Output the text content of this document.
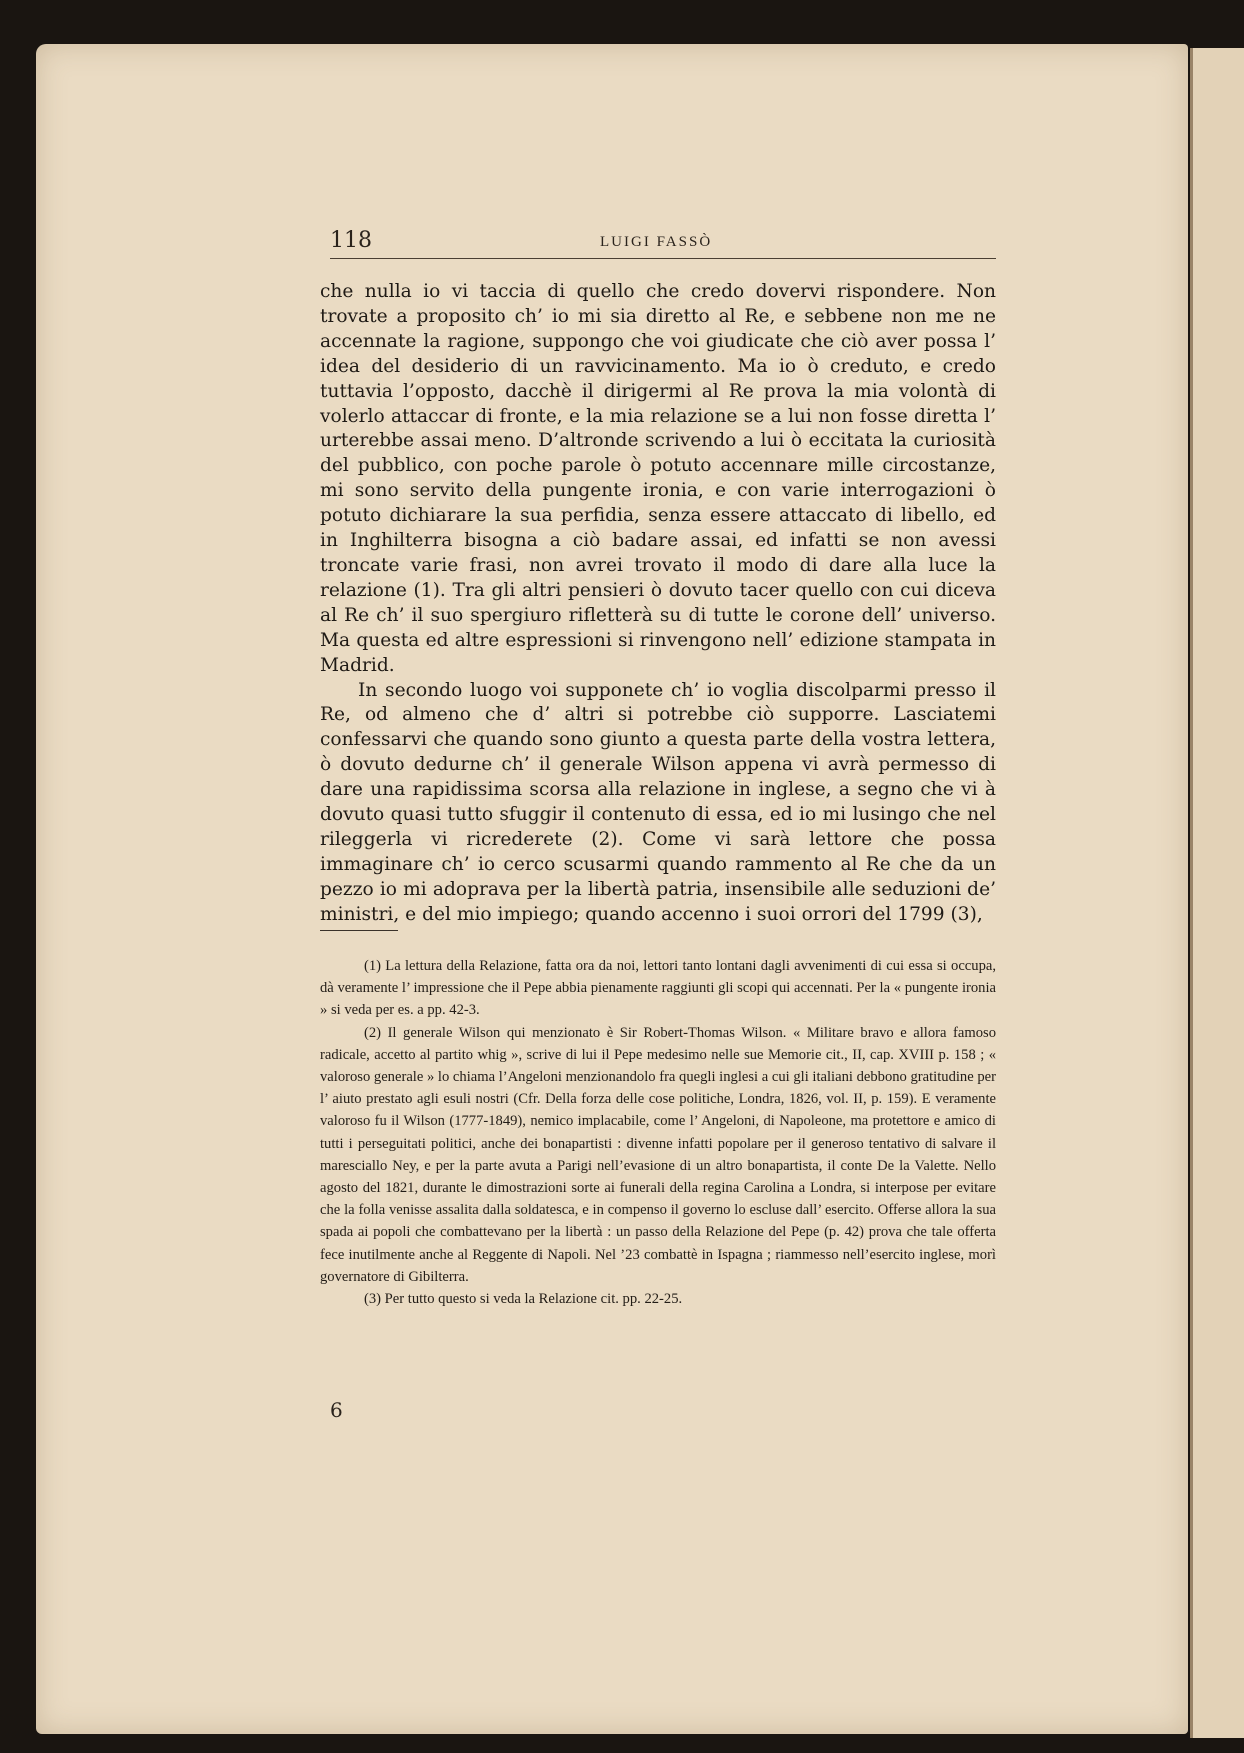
118	LUIGI FASSÒ

che nulla io vi taccia di quello che credo dovervi rispondere. Non trovate a proposito ch’ io mi sia diretto al Re, e sebbene non me ne accennate la ragione, suppongo che voi giudicate che ciò aver possa l’ idea del desiderio di un ravvicinamento. Ma io ò creduto, e credo tuttavia l’opposto, dacchè il dirigermi al Re prova la mia volontà di volerlo attaccar di fronte, e la mia relazione se a lui non fosse diretta l’ urterebbe assai meno. D’altronde scrivendo a lui ò eccitata la curiosità del pubblico, con poche parole ò potuto accennare mille circostanze, mi sono servito della pungente ironia, e con varie interrogazioni ò potuto dichiarare la sua perfidia, senza essere attaccato di libello, ed in Inghilterra bisogna a ciò badare assai, ed infatti se non avessi troncate varie frasi, non avrei trovato il modo di dare alla luce la relazione (1). Tra gli altri pensieri ò dovuto tacer quello con cui diceva al Re ch’ il suo spergiuro rifletterà su di tutte le corone dell’ universo. Ma questa ed altre espressioni si rinvengono nell’ edizione stampata in Madrid.

In secondo luogo voi supponete ch’ io voglia discolparmi presso il Re, od almeno che d’ altri si potrebbe ciò supporre. Lasciatemi confessarvi che quando sono giunto a questa parte della vostra lettera, ò dovuto dedurne ch’ il generale Wilson appena vi avrà permesso di dare una rapidissima scorsa alla relazione in inglese, a segno che vi à dovuto quasi tutto sfuggir il contenuto di essa, ed io mi lusingo che nel rileggerla vi ricrederete (2). Come vi sarà lettore che possa immaginare ch’ io cerco scusarmi quando rammento al Re che da un pezzo io mi adoprava per la libertà patria, insensibile alle seduzioni de’ ministri, e del mio impiego; quando accenno i suoi orrori del 1799 (3),

(1) La lettura della Relazione, fatta ora da noi, lettori tanto lontani dagli avvenimenti di cui essa si occupa, dà veramente l’ impressione che il Pepe abbia pienamente raggiunti gli scopi qui accennati. Per la « pungente ironia » si veda per es. a pp. 42-3.

(2) Il generale Wilson qui menzionato è Sir Robert-Thomas Wilson. « Militare bravo e allora famoso radicale, accetto al partito whig », scrive di lui il Pepe medesimo nelle sue Memorie cit., II, cap. XVIII p. 158 ; « valoroso generale » lo chiama l’Angeloni menzionandolo fra quegli inglesi a cui gli italiani debbono gratitudine per l’ aiuto prestato agli esuli nostri (Cfr. Della forza delle cose politiche, Londra, 1826, vol. II, p. 159). E veramente valoroso fu il Wilson (1777-1849), nemico implacabile, come l’ Angeloni, di Napoleone, ma protettore e amico di tutti i perseguitati politici, anche dei bonapartisti : divenne infatti popolare per il generoso tentativo di salvare il maresciallo Ney, e per la parte avuta a Parigi nell’evasione di un altro bonapartista, il conte De la Valette. Nello agosto del 1821, durante le dimostrazioni sorte ai funerali della regina Carolina a Londra, si interpose per evitare che la folla venisse assalita dalla soldatesca, e in compenso il governo lo escluse dall’ esercito. Offerse allora la sua spada ai popoli che combattevano per la libertà : un passo della Relazione del Pepe (p. 42) prova che tale offerta fece inutilmente anche al Reggente di Napoli. Nel ’23 combattè in Ispagna ; riammesso nell’esercito inglese, morì governatore di Gibilterra.

(3) Per tutto questo si veda la Relazione cit. pp. 22-25.

6
